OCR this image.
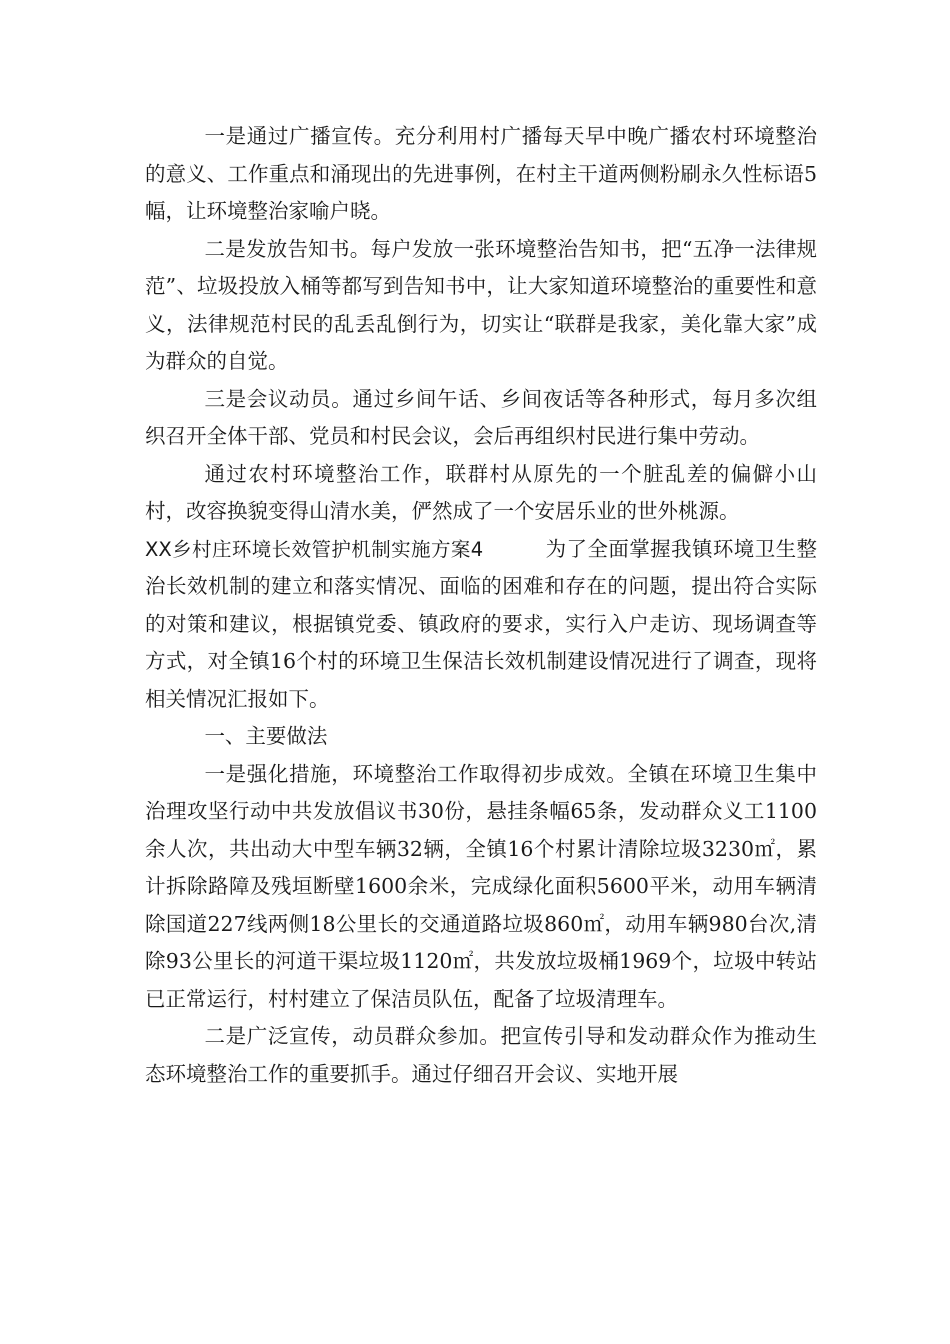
一是通过广播宣传。充分利用村广播每天早中晚广播农村环境整治的意义、工作重点和涌现出的先进事例，在村主干道两侧粉刷永久性标语5幅，让环境整治家喻户晓。

二是发放告知书。每户发放一张环境整治告知书，把“五净一法律规范”、垃圾投放入桶等都写到告知书中，让大家知道环境整治的重要性和意义，法律规范村民的乱丢乱倒行为，切实让“联群是我家，美化靠大家”成为群众的自觉。

三是会议动员。通过乡间午话、乡间夜话等各种形式，每月多次组织召开全体干部、党员和村民会议，会后再组织村民进行集中劳动。

通过农村环境整治工作，联群村从原先的一个脏乱差的偏僻小山村，改容换貌变得山清水美，俨然成了一个安居乐业的世外桃源。

XX乡村庄环境长效管护机制实施方案4	为了全面掌握我镇环境卫生整治长效机制的建立和落实情况、面临的困难和存在的问题，提出符合实际的对策和建议，根据镇党委、镇政府的要求，实行入户走访、现场调查等方式，对全镇16个村的环境卫生保洁长效机制建设情况进行了调查，现将相关情况汇报如下。

一、主要做法

一是强化措施，环境整治工作取得初步成效。全镇在环境卫生集中治理攻坚行动中共发放倡议书30份，悬挂条幅65条，发动群众义工1100余人次，共出动大中型车辆32辆，全镇16个村累计清除垃圾3230㎡，累计拆除路障及残垣断壁1600余米，完成绿化面积5600平米，动用车辆清除国道227线两侧18公里长的交通道路垃圾860㎡，动用车辆980台次,清除93公里长的河道干渠垃圾1120㎡，共发放垃圾桶1969个，垃圾中转站已正常运行，村村建立了保洁员队伍，配备了垃圾清理车。

二是广泛宣传，动员群众参加。把宣传引导和发动群众作为推动生态环境整治工作的重要抓手。通过仔细召开会议、实地开展
